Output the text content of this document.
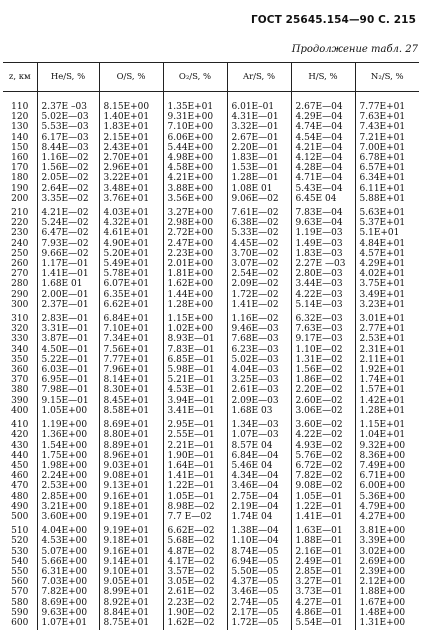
ГОСТ 25645.154—90 С. 215
Продолжение табл. 27
z, км	He/S, %	O/S, %	O₂/S, %	Ar/S, %	H/S, %	N₂/S, %
110	2.37E –03	8.15E+00	1.35E+01	6.01E–01	2.67E—04	7.77E+01
120	5.02E—03	1.40E+01	9.31E+00	4.31E—01	4.29E—04	7.63E+01
130	5.53E—03	1.83E+01	7.10E+00	3.32E—01	4.74E—04	7.43E+01
140	6.17E—03	2.15E+01	6.06E+00	2.67E—01	4.54E—04	7.21E+01
150	8.44E—03	2.43E+01	5.44E+00	2.20E—01	4.21E—04	7.00E+01
160	1.16E—02	2.70E+01	4.98E+00	1.83E—01	4.12E—04	6.78E+01
170	1.56E—02	2.96E+01	4.58E+00	1.53E—01	4.28E—04	6.57E+01
180	2.05E—02	3.22E+01	4.21E+00	1.28E—01	4.71E—04	6.34E+01
190	2.64E—02	3.48E+01	3.88E+00	1.08E 01	5.43E—04	6.11E+01
200	3.35E—02	3.76E+01	3.56E+00	9.06E—02	6.45E 04	5.88E+01
210	4.21E—02	4.03E+01	3.27E+00	7.61E—02	7.83E—04	5.63E+01
220	5.24E—02	4.32E+01	2.98E+00	6.38E—02	9.63E—04	5.37E+01
230	6.47E—02	4.61E+01	2.72E+00	5.33E—02	1.19E—03	5.1E+01
240	7.93E—02	4.90E+01	2.47E+00	4.45E—02	1.49E—03	4.84E+01
250	9.66E—02	5.20E+01	2.23E+00	3.70E—02	1.83E—03	4.57E+01
260	1.17E—01	5.49E+01	2.01E+00	3.07E—02	2.27E —03	4.29E+01
270	1.41E—01	5.78E+01	1.81E+00	2.54E—02	2.80E—03	4.02E+01
280	1.68E 01	6.07E+01	1.62E+00	2.09E—02	3.44E—03	3.75E+01
290	2.00E—01	6.35E+01	1.44E+00	1.72E—02	4.22E—03	3.49E+01
300	2.37E—01	6.62E+01	1.28E+00	1.41E—02	5.14E—03	3.23E+01
310	2.83E—01	6.84E+01	1.15E+00	1.16E—02	6.32E—03	3.01E+01
320	3.31E—01	7.10E+01	1.02E+00	9.46E—03	7.63E—03	2.77E+01
330	3.87E—01	7.34E+01	8.93E—01	7.68E—03	9.17E—03	2.53E+01
340	4.50E—01	7.56E+01	7.83E—01	6.23E—03	1.10E—02	2.31E+01
350	5.22E—01	7.77E+01	6.85E—01	5.02E—03	1.31E—02	2.11E+01
360	6.03E—01	7.96E+01	5.98E—01	4.04E—03	1.56E—02	1.92E+01
370	6.95E—01	8.14E+01	5.21E—01	3.25E—03	1.86E—02	1.74E+01
380	7.98E—01	8.30E+01	4.53E—01	2.61E—03	2.20E—02	1.57E+01
390	9.15E—01	8.45E+01	3.94E—01	2.09E—03	2.60E—02	1.42E+01
400	1.05E+00	8.58E+01	3.41E—01	1.68E 03	3.06E—02	1.28E+01
410	1.19E+00	8.69E+01	2.95E—01	1.34E—03	3.60E—02	1.15E+01
420	1.36E+00	8.80E+01	2.55E—01	1.07E—03	4.22E—02	1.04E+01
430	1.54E+00	8.89E+01	2.21E—01	8.57E 04	4.93E—02	9.32E+00
440	1.75E+00	8.96E+01	1.90E—01	6.84E—04	5.76E—02	8.36E+00
450	1.98E+00	9.03E+01	1.64E—01	5.46E 04	6.72E—02	7.49E+00
460	2.24E+00	9.08E+01	1.41E—01	4.34E—04	7.82E—02	6.71E+00
470	2.53E+00	9.13E+01	1.22E—01	3.46E—04	9.08E—02	6.00E+00
480	2.85E+00	9.16E+01	1.05E—01	2.75E—04	1.05E—01	5.36E+00
490	3.21E+00	9.18E+01	8.98E—02	2.19E—04	1.22E—01	4.79E+00
500	3.60E+00	9.19E+01	7.7 E—02	1.74E 04	1.41E—01	4.27E+00
510	4.04E+00	9.19E+01	6.62E—02	1.38E—04	1.63E—01	3.81E+00
520	4.53E+00	9.18E+01	5.68E—02	1.10E—04	1.88E—01	3.39E+00
530	5.07E+00	9.16E+01	4.87E—02	8.74E—05	2.16E—01	3.02E+00
540	5.66E+00	9.14E+01	4.17E—02	6.94E—05	2.49E—01	2.69E+00
550	6.31E+00	9.10E+01	3.57E—02	5.50E—05	2.85E—01	2.39E+00
560	7.03E+00	9.05E+01	3.05E—02	4.37E—05	3.27E—01	2.12E+00
570	7.82E+00	8.99E+01	2.61E—02	3.46E—05	3.73E—01	1.88E+00
580	8.69E+00	8.92E+01	2.23E—02	2.74E—05	4.27E—01	1.67E+00
590	9.63E+00	8.84E+01	1.90E—02	2.17E—05	4.86E—01	1.48E+00
600	1.07E+01	8.75E+01	1.62E—02	1.72E—05	5.54E—01	1.31E+00
